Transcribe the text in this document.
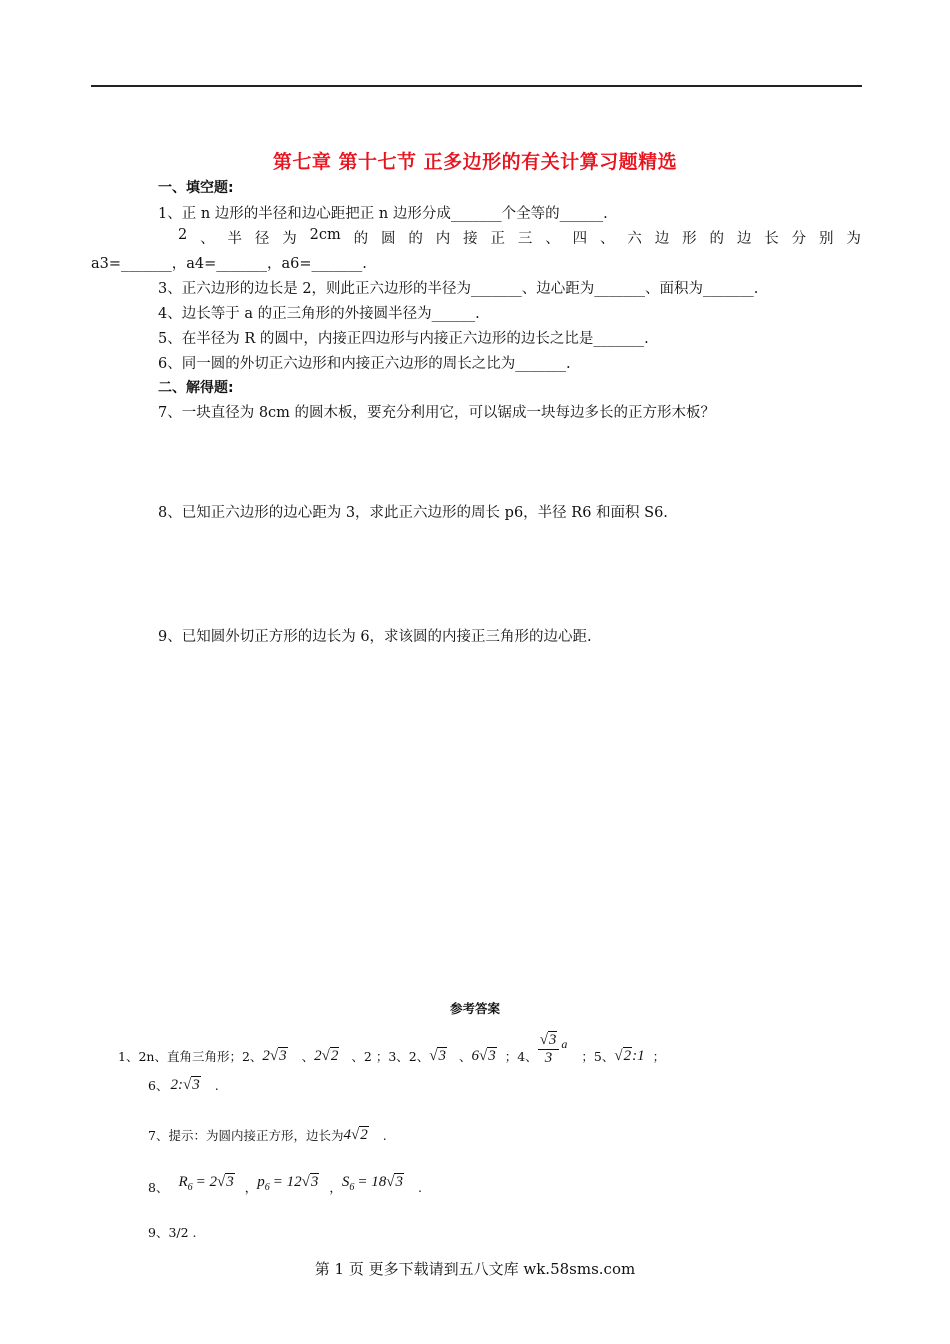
第七章 第十七节 正多边形的有关计算习题精选
一、填空题:
1、正 n 边形的半径和边心距把正 n 边形分成_______个全等的______.
2 、 半 径 为 2cm 的 圆 的 内 接 正 三 、 四 、 六 边 形 的 边 长 分 别 为
a3=_______，a4=_______，a6=_______.
3、正六边形的边长是 2，则此正六边形的半径为_______、边心距为_______、面积为_______.
4、边长等于 a 的正三角形的外接圆半径为______.
5、在半径为 R 的圆中，内接正四边形与内接正六边形的边长之比是_______.
6、同一圆的外切正六边形和内接正六边形的周长之比为_______.
二、解得题:
7、一块直径为 8cm 的圆木板，要充分利用它，可以锯成一块每边多长的正方形木板？
8、已知正六边形的边心距为 3，求此正六边形的周长 p6，半径 R6 和面积 S6.
9、已知圆外切正方形的边长为 6，求该圆的内接正三角形的边心距.
参考答案
1、2n、直角三角形；2、 2√3 、 2√2 、2 ；3、2、 √3 、 6√3 ；4、 $\frac{√3}{3}$ a
；5、 √2:1 ；
6、 2:√3 .
7、提示：为圆内接正方形，边长为 4√2 .
8、 $R_6 = 2√3$ ， $p_6 = 12√3$ ， $S_6 = 18√3$ .
9、3/2 .
第 1 页 更多下载请到五八文库 wk.58sms.com
